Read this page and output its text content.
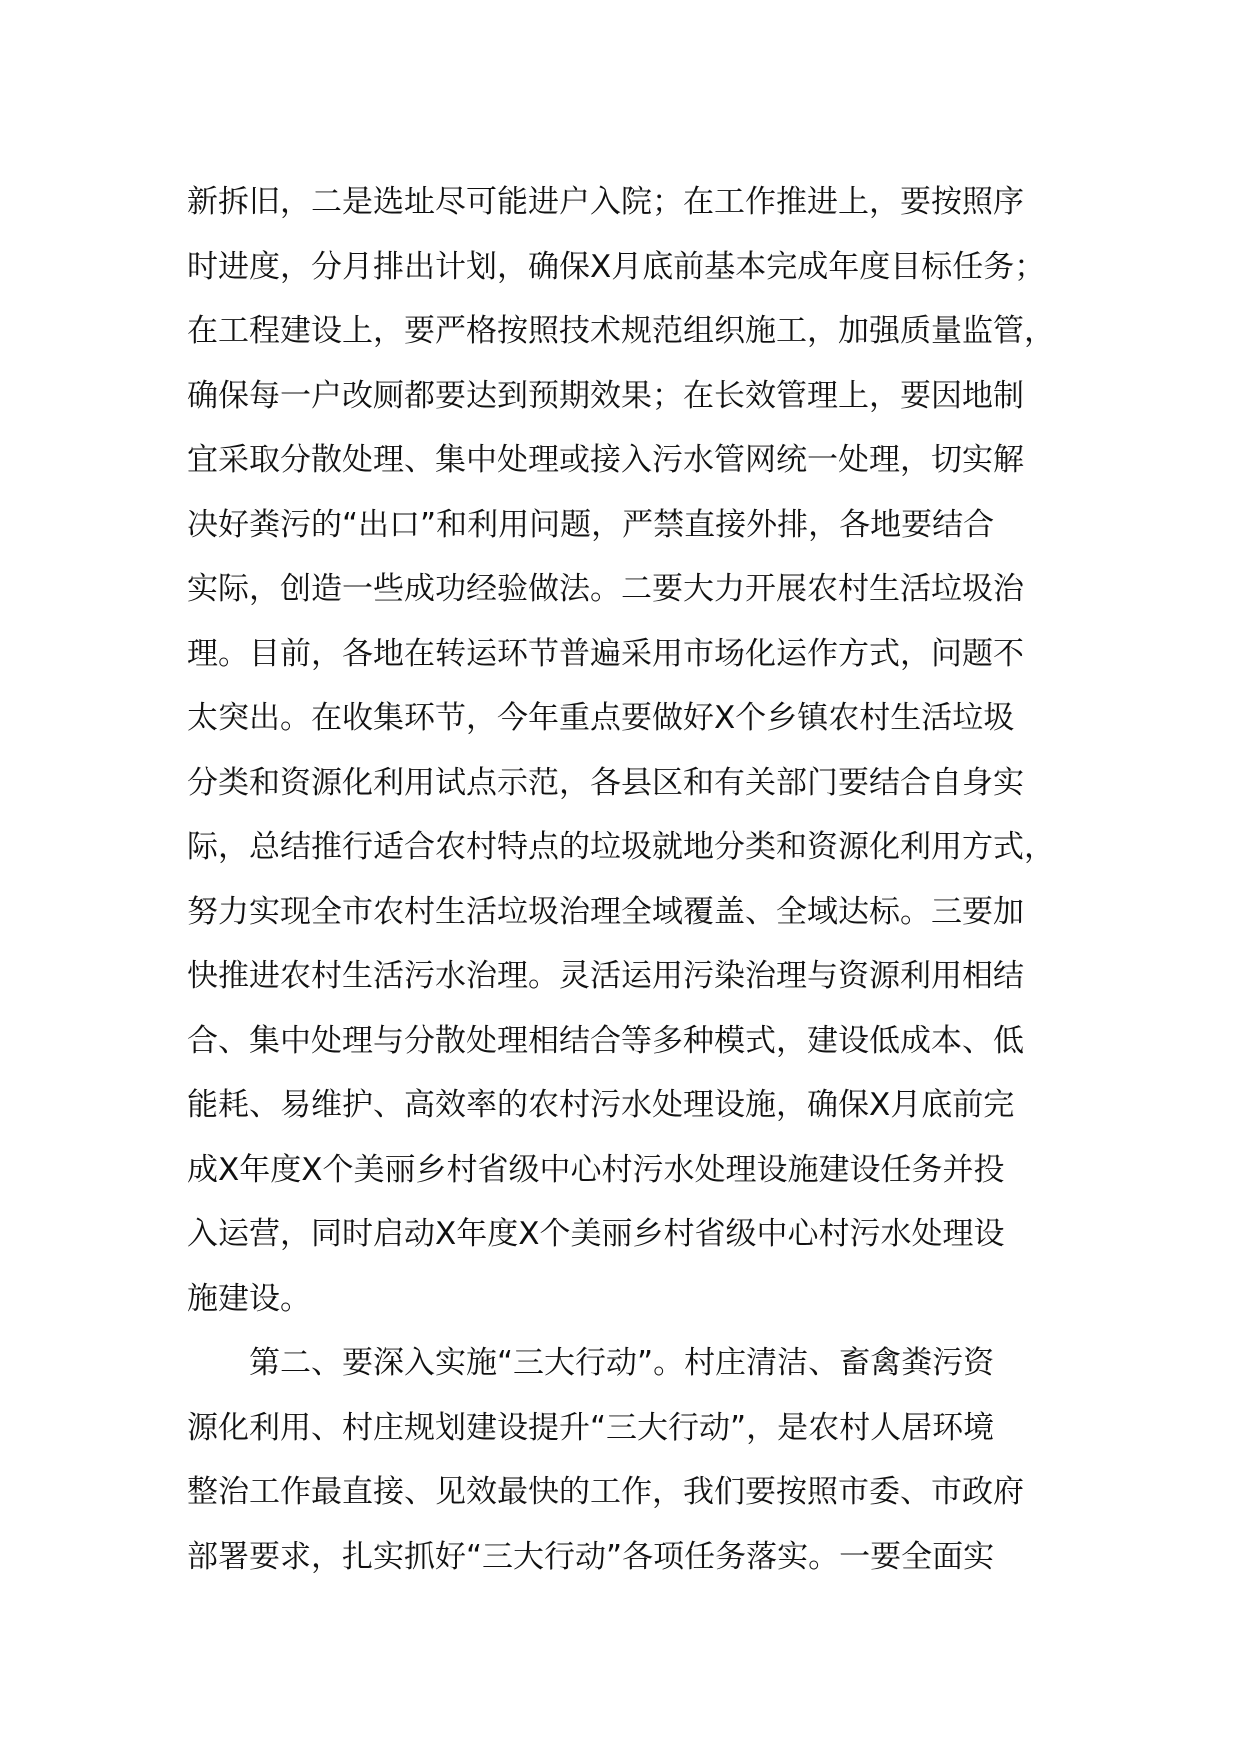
新拆旧，二是选址尽可能进户入院；在工作推进上，要按照序
时进度，分月排出计划，确保X月底前基本完成年度目标任务；
在工程建设上，要严格按照技术规范组织施工，加强质量监管，
确保每一户改厕都要达到预期效果；在长效管理上，要因地制
宜采取分散处理、集中处理或接入污水管网统一处理，切实解
决好粪污的“出口”和利用问题，严禁直接外排，各地要结合
实际，创造一些成功经验做法。二要大力开展农村生活垃圾治
理。目前，各地在转运环节普遍采用市场化运作方式，问题不
太突出。在收集环节，今年重点要做好X个乡镇农村生活垃圾
分类和资源化利用试点示范，各县区和有关部门要结合自身实
际，总结推行适合农村特点的垃圾就地分类和资源化利用方式，
努力实现全市农村生活垃圾治理全域覆盖、全域达标。三要加
快推进农村生活污水治理。灵活运用污染治理与资源利用相结
合、集中处理与分散处理相结合等多种模式，建设低成本、低
能耗、易维护、高效率的农村污水处理设施，确保X月底前完
成X年度X个美丽乡村省级中心村污水处理设施建设任务并投
入运营，同时启动X年度X个美丽乡村省级中心村污水处理设
施建设。
　　第二、要深入实施“三大行动”。村庄清洁、畜禽粪污资
源化利用、村庄规划建设提升“三大行动”，是农村人居环境
整治工作最直接、见效最快的工作，我们要按照市委、市政府
部署要求，扎实抓好“三大行动”各项任务落实。一要全面实
